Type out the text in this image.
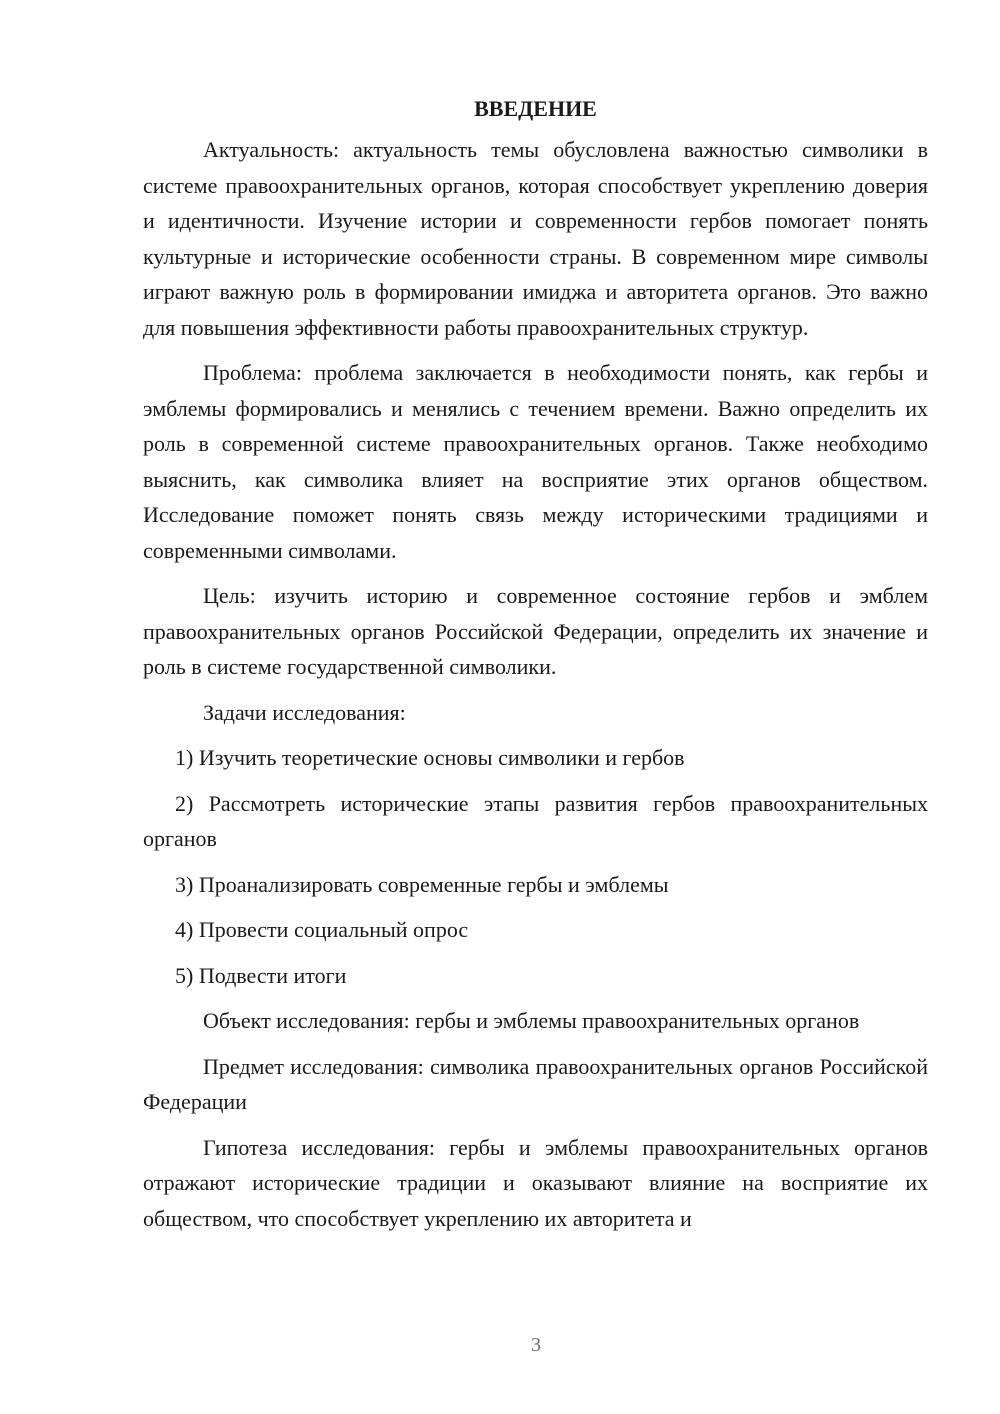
ВВЕДЕНИЕ

Актуальность: актуальность темы обусловлена важностью символики в системе правоохранительных органов, которая способствует укреплению доверия и идентичности. Изучение истории и современности гербов помогает понять культурные и исторические особенности страны. В современном мире символы играют важную роль в формировании имиджа и авторитета органов. Это важно для повышения эффективности работы правоохранительных структур.

Проблема: проблема заключается в необходимости понять, как гербы и эмблемы формировались и менялись с течением времени. Важно определить их роль в современной системе правоохранительных органов. Также необходимо выяснить, как символика влияет на восприятие этих органов обществом. Исследование поможет понять связь между историческими традициями и современными символами.

Цель: изучить историю и современное состояние гербов и эмблем правоохранительных органов Российской Федерации, определить их значение и роль в системе государственной символики.

Задачи исследования:

1) Изучить теоретические основы символики и гербов

2) Рассмотреть исторические этапы развития гербов правоохранительных органов

3) Проанализировать современные гербы и эмблемы

4) Провести социальный опрос

5) Подвести итоги

Объект исследования: гербы и эмблемы правоохранительных органов

Предмет исследования: символика правоохранительных органов Российской Федерации

Гипотеза исследования: гербы и эмблемы правоохранительных органов отражают исторические традиции и оказывают влияние на восприятие их обществом, что способствует укреплению их авторитета и

3
